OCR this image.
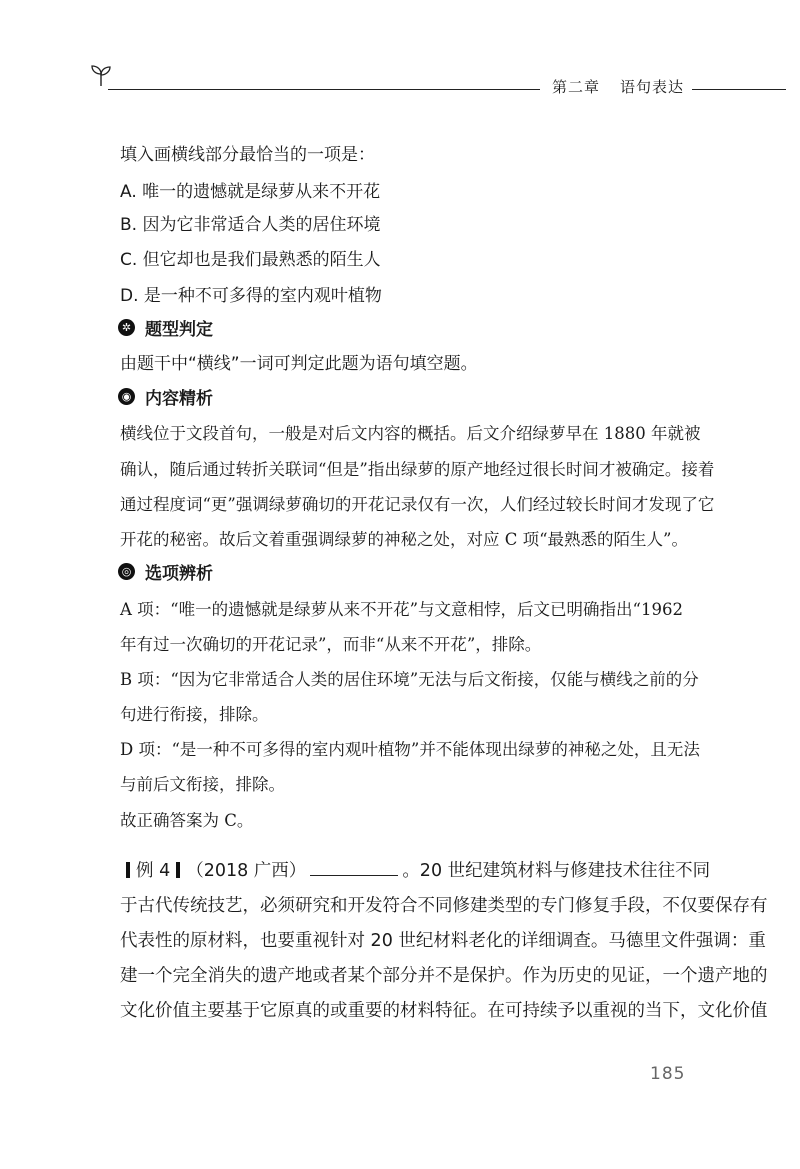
第二章 语句表达
填入画横线部分最恰当的一项是：
A. 唯一的遗憾就是绿萝从来不开花
B. 因为它非常适合人类的居住环境
C. 但它却也是我们最熟悉的陌生人
D. 是一种不可多得的室内观叶植物
✲ 题型判定
由题干中“横线”一词可判定此题为语句填空题。
◉ 内容精析
横线位于文段首句，一般是对后文内容的概括。后文介绍绿萝早在 1880 年就被
确认，随后通过转折关联词“但是”指出绿萝的原产地经过很长时间才被确定。接着
通过程度词“更”强调绿萝确切的开花记录仅有一次，人们经过较长时间才发现了它
开花的秘密。故后文着重强调绿萝的神秘之处，对应 C 项“最熟悉的陌生人”。
◎ 选项辨析
A 项：“唯一的遗憾就是绿萝从来不开花”与文意相悖，后文已明确指出“1962
年有过一次确切的开花记录”，而非“从来不开花”，排除。
B 项：“因为它非常适合人类的居住环境”无法与后文衔接，仅能与横线之前的分
句进行衔接，排除。
D 项：“是一种不可多得的室内观叶植物”并不能体现出绿萝的神秘之处，且无法
与前后文衔接，排除。
故正确答案为 C。
例 4 （2018 广西）	。20 世纪建筑材料与修建技术往往不同
于古代传统技艺，必须研究和开发符合不同修建类型的专门修复手段，不仅要保存有
代表性的原材料，也要重视针对 20 世纪材料老化的详细调查。马德里文件强调：重
建一个完全消失的遗产地或者某个部分并不是保护。作为历史的见证，一个遗产地的
文化价值主要基于它原真的或重要的材料特征。在可持续予以重视的当下，文化价值
185
